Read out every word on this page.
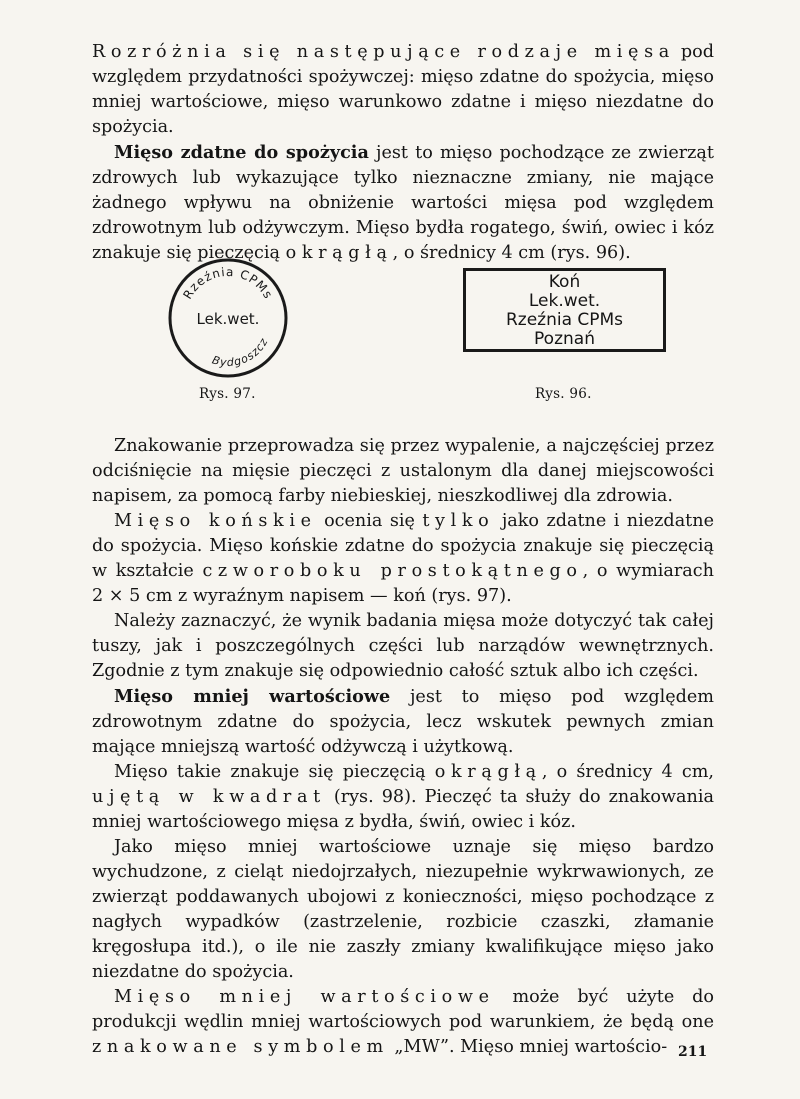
Rozróżnia się następujące rodzaje mięsa pod względem przydatności spożywczej: mięso zdatne do spożycia, mięso mniej wartościowe, mięso warunkowo zdatne i mięso niezdatne do spożycia.
Mięso zdatne do spożycia jest to mięso pochodzące ze zwierząt zdrowych lub wykazujące tylko nieznaczne zmiany, nie mające żadnego wpływu na obniżenie wartości mięsa pod względem zdrowotnym lub odżywczym. Mięso bydła rogatego, świń, owiec i kóz znakuje się pieczęcią okrągłą, o średnicy 4 cm (rys. 96).

Rzeźnia CPMs
Lek.wet.
Bydgoszcz
Koń
Lek.wet.
Rzeźnia CPMs
Poznań
Rys. 97.	Rys. 96.

Znakowanie przeprowadza się przez wypalenie, a najczęściej przez odciśnięcie na mięsie pieczęci z ustalonym dla danej miejscowości napisem, za pomocą farby niebieskiej, nieszkodliwej dla zdrowia.
Mięso końskie ocenia się tylko jako zdatne i niezdatne do spożycia. Mięso końskie zdatne do spożycia znakuje się pieczęcią w kształcie czworoboku prostokątnego, o wymiarach 2 × 5 cm z wyraźnym napisem — koń (rys. 97).
Należy zaznaczyć, że wynik badania mięsa może dotyczyć tak całej tuszy, jak i poszczególnych części lub narządów wewnętrznych. Zgodnie z tym znakuje się odpowiednio całość sztuk albo ich części.
Mięso mniej wartościowe jest to mięso pod względem zdrowotnym zdatne do spożycia, lecz wskutek pewnych zmian mające mniejszą wartość odżywczą i użytkową.
Mięso takie znakuje się pieczęcią okrągłą, o średnicy 4 cm, ujętą w kwadrat (rys. 98). Pieczęć ta służy do znakowania mniej wartościowego mięsa z bydła, świń, owiec i kóz.
Jako mięso mniej wartościowe uznaje się mięso bardzo wychudzone, z cieląt niedojrzałych, niezupełnie wykrwawionych, ze zwierząt poddawanych ubojowi z konieczności, mięso pochodzące z nagłych wypadków (zastrzelenie, rozbicie czaszki, złamanie kręgosłupa itd.), o ile nie zaszły zmiany kwalifikujące mięso jako niezdatne do spożycia.
Mięso mniej wartościowe może być użyte do produkcji wędlin mniej wartościowych pod warunkiem, że będą one znakowane symbolem „MW”. Mięso mniej wartościo- 211
